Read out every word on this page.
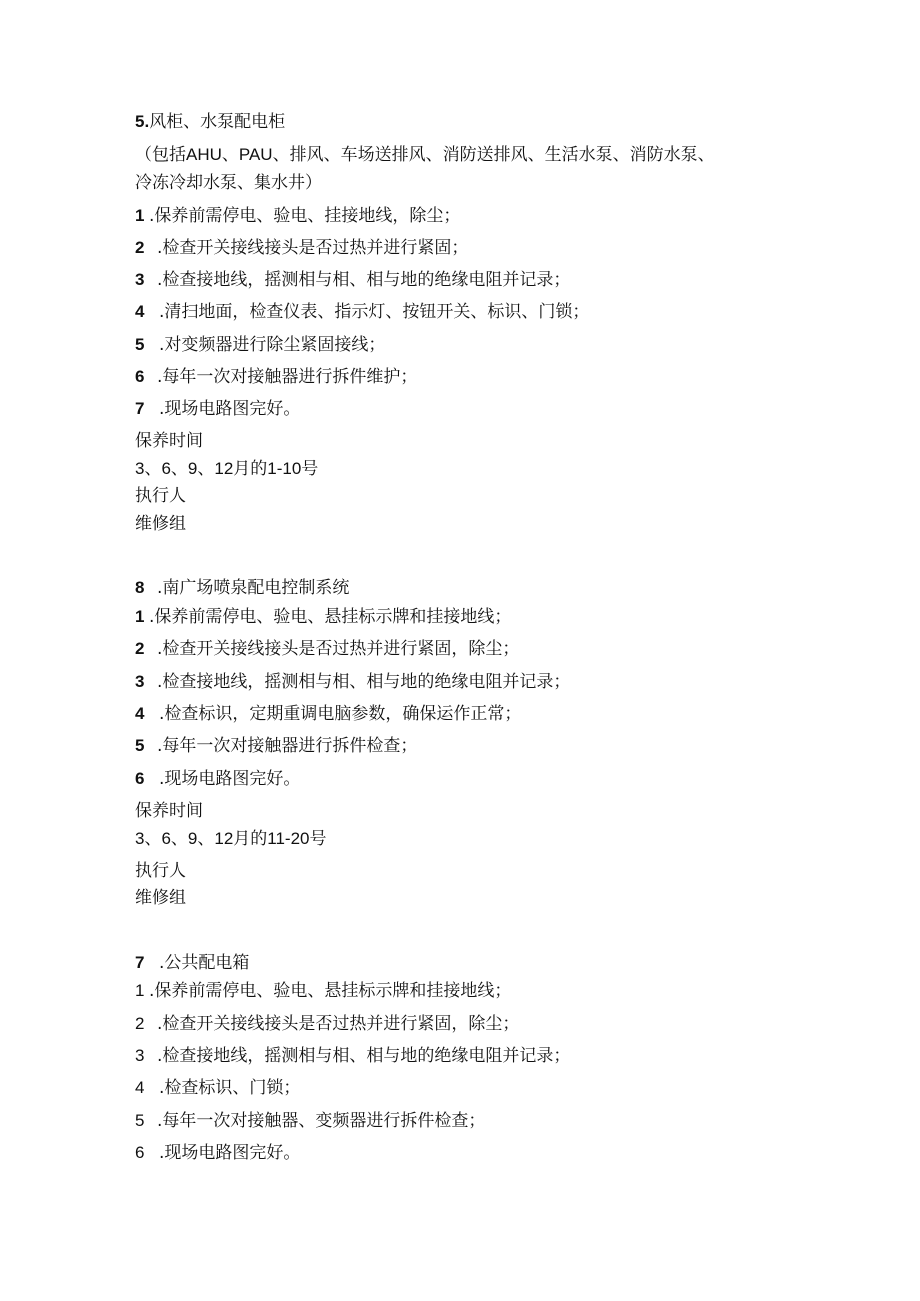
5.风柜、水泵配电柜
（包括AHU、PAU、排风、车场送排风、消防送排风、生活水泵、消防水泵、
冷冻冷却水泵、集水井）
1 .保养前需停电、验电、挂接地线，除尘；
2 .检查开关接线接头是否过热并进行紧固；
3 .检查接地线，摇测相与相、相与地的绝缘电阻并记录；
4 .清扫地面，检查仪表、指示灯、按钮开关、标识、门锁；
5 .对变频器进行除尘紧固接线；
6 .每年一次对接触器进行拆件维护；
7 .现场电路图完好。
保养时间
3、6、9、12月的1-10号
执行人
维修组
8 .南广场喷泉配电控制系统
1 .保养前需停电、验电、悬挂标示牌和挂接地线；
2 .检查开关接线接头是否过热并进行紧固，除尘；
3 .检查接地线，摇测相与相、相与地的绝缘电阻并记录；
4 .检查标识，定期重调电脑参数，确保运作正常；
5 .每年一次对接触器进行拆件检查；
6 .现场电路图完好。
保养时间
3、6、9、12月的11-20号
执行人
维修组
7 .公共配电箱
1 .保养前需停电、验电、悬挂标示牌和挂接地线；
2 .检查开关接线接头是否过热并进行紧固，除尘；
3 .检查接地线，摇测相与相、相与地的绝缘电阻并记录；
4 .检查标识、门锁；
5 .每年一次对接触器、变频器进行拆件检查；
6 .现场电路图完好。
